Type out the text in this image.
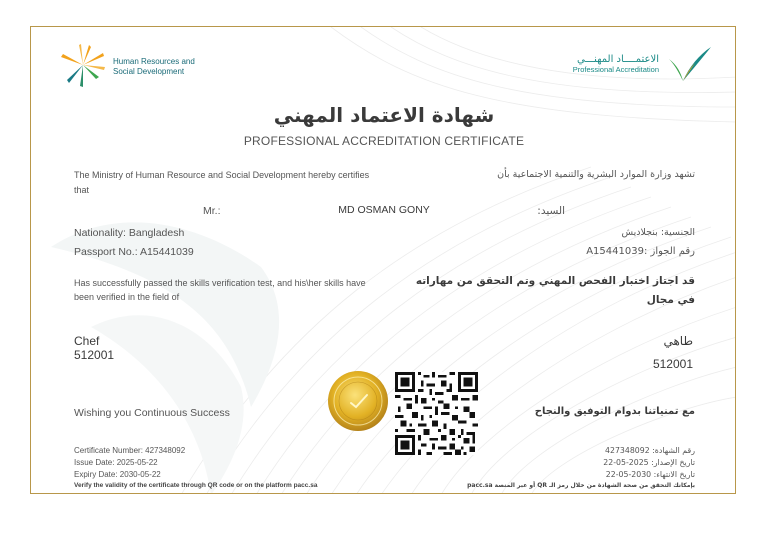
Human Resources and
Social Development
الاعتمــــاد المهنـــي
Professional Accreditation
شهادة الاعتماد المهني
PROFESSIONAL ACCREDITATION CERTIFICATE
The Ministry of Human Resource and Social Development hereby certifies that
تشهد وزارة الموارد البشرية والتنمية الاجتماعية بأن
Mr.:	MD OSMAN GONY	السيد:
Nationality: Bangladesh	الجنسية: بنجلاديش
Passport No.: A15441039	رقم الجواز :A15441039
Has successfully passed the skills verification test, and his\her skills have been verified in the field of
قد اجتاز اختبار الفحص المهني وتم التحقق من مهاراته في مجال
Chef
512001
طاهي
512001
Wishing you Continuous Success	مع تمنياتنا بدوام التوفيق والنجاح
Certificate Number: 427348092
Issue Date: 2025-05-22
Expiry Date: 2030-05-22
Verify the validity of the certificate through QR code or on the platform pacc.sa
رقم الشهادة: 427348092
تاريخ الإصدار: 2025-05-22
تاريخ الانتهاء: 2030-05-22
بإمكانك التحقق من صحة الشهادة من خلال رمز الـ QR أو عبر المنصة pacc.sa
